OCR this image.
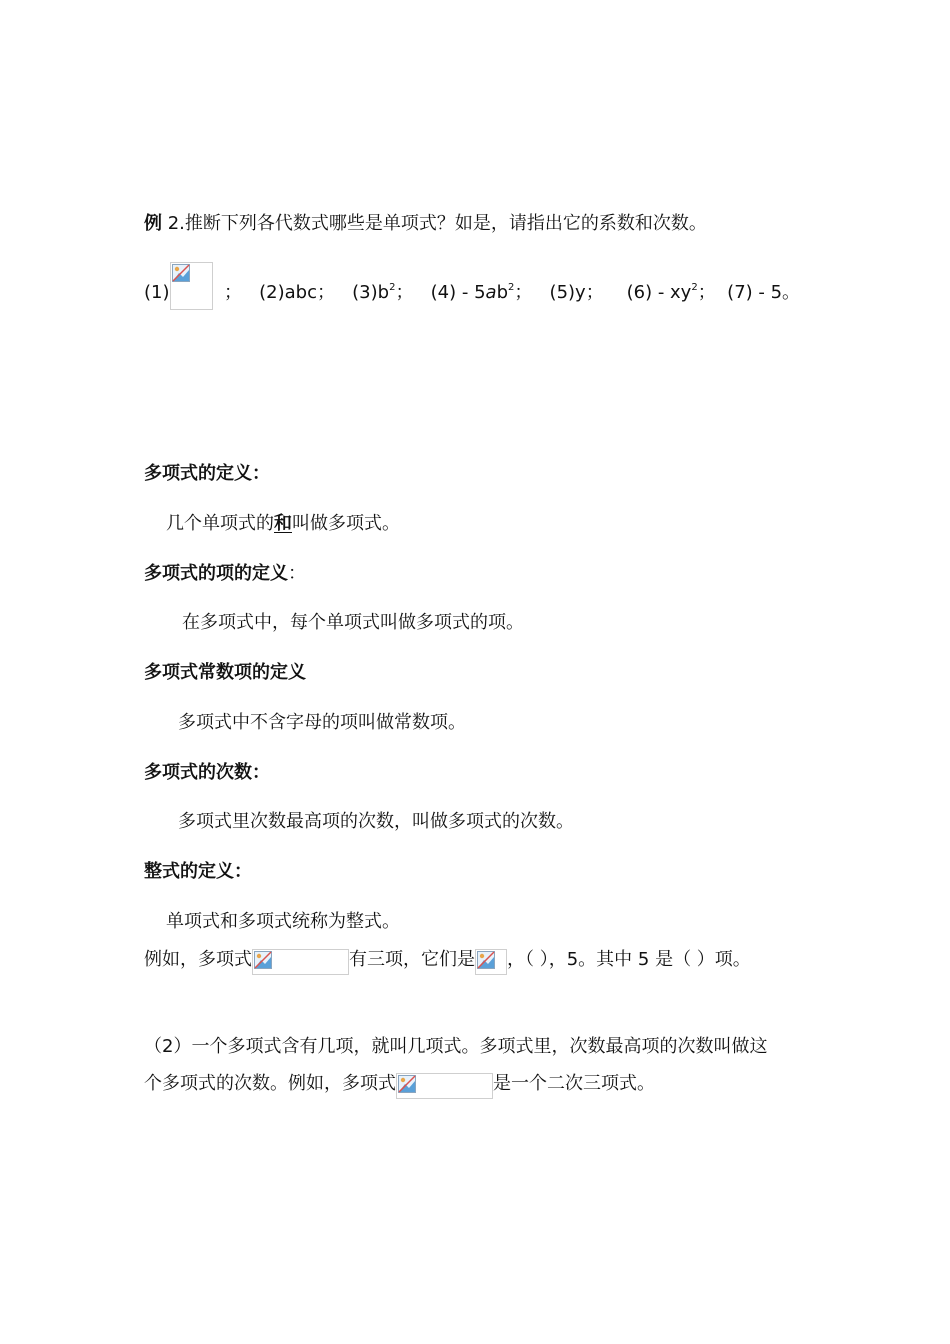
例 2.推断下列各代数式哪些是单项式？如是，请指出它的系数和次数。
(1)	； (2)abc； $(3)b^2$； $(4) - 5ab^2$； (5)y； $(6) - xy^2$； (7) - 5。
多项式的定义：
几个单项式的和叫做多项式。
多项式的项的定义：
在多项式中，每个单项式叫做多项式的项。
多项式常数项的定义
多项式中不含字母的项叫做常数项。
多项式的次数：
多项式里次数最高项的次数，叫做多项式的次数。
整式的定义：
单项式和多项式统称为整式。
例如，多项式	有三项，它们是 ，（ ），5。其中 5 是（ ）项。
（2）一个多项式含有几项，就叫几项式。多项式里，次数最高项的次数叫做这
个多项式的次数。例如，多项式	是一个二次三项式。
